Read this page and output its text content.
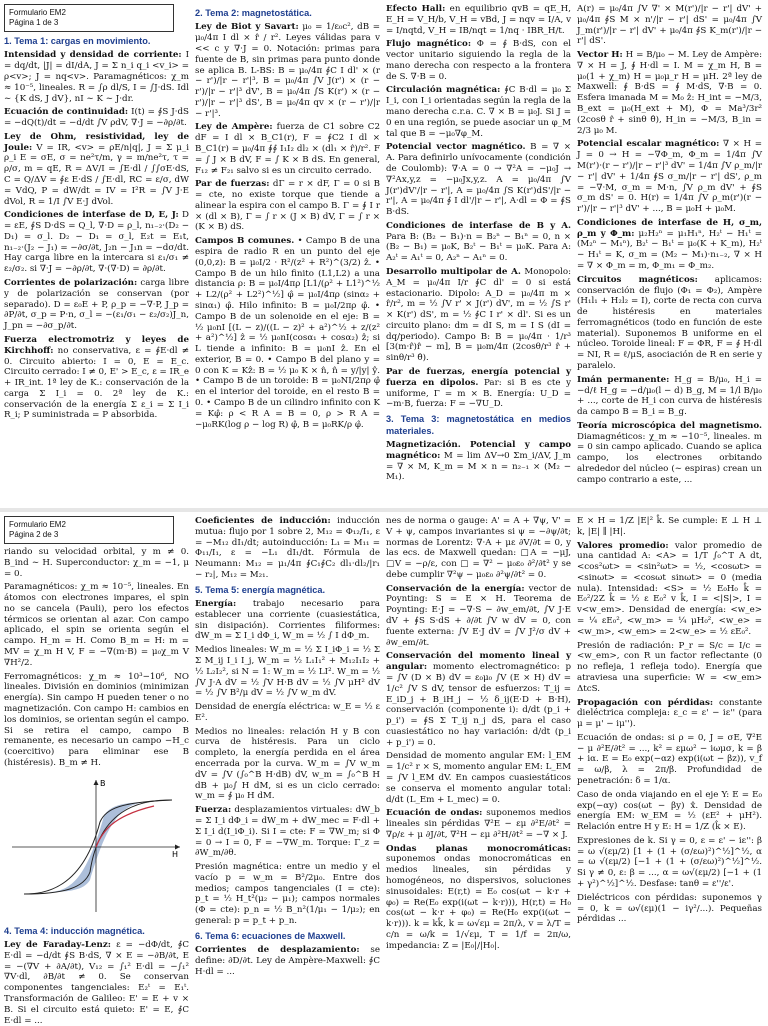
Formulario EM2
Página 1 de 3
1. Tema 1: cargas en movimiento.
Intensidad y densidad de corriente: I = dq/dt, |J| = dI/dA, J = Σ n_i q_i <v_i> = ρ<v>; J = nq<v>. Paramagnéticos: χ_m ≈ 10⁻⁵, lineales. R = ∫ρ dl/S, I = ∫J·dS. Idl ∼ {K dS, J dV}, nI ∼ K ∼ J·dr.
Ecuación de continuidad: I(t) = ∮S J·dS = −dQ(t)/dt = −d/dt ∫V ρdV, ∇·J = −∂ρ/∂t.
Ley de Ohm, resistividad, ley de Joule: V = IR, <v> = ρE/n|q|, J = Σ μ_i ρ_i E = σE, σ = ne²τ/m, γ = m/ne²τ, τ = ρ/σ, m = qE, R = ΔV/I = ∫E·dl / ∫∫σE·dS, C = Q/ΔV = ∮ε E·dS / ∫E·dl, RC = ε/σ, dW = VdQ, P = dW/dt = IV = I²R = ∫V J·E dVol, R = 1/I ∫V E·J dVol.
Condiciones de interfase de D, E, J: D = εE, ∮S D·dS = Q_l, ∇·D = ρ_l, n₁₋₂·(D₂ − D₁) = σ_l. D₂ − D₁ = σ_l, E₂t = E₁t, n₁₋₂·(J₂ − J₁) = −∂σ/∂t, J₂n − J₁n = −dσ/dt. Hay carga libre en la intercara si ε₁/σ₁ ≠ ε₂/σ₂. si ∇·J = −∂ρ/∂t, ∇·(∇·D) = ∂ρ/∂t.
Corrientes de polarización: carga libre y de polarización se conservan (por separado). D = ε₀E + P, ρ_p = −∇·P, J_p = ∂P/∂t, σ_p = P·n, σ_l = −(ε₁/σ₁ − ε₂/σ₂)J_n, J_pn = −∂σ_p/∂t.
Fuerza electromotriz y leyes de Kirchhoff: no conservativa, ε = ∮E·dl ≠ 0. Circuito abierto: I = 0, E = E_c. Circuito cerrado: I ≠ 0, E' > E_c, ε = IR_e + IR_int. 1ª ley de K.: conservación de la carga Σ I_i = 0. 2ª ley de K.: conservación de la energía Σ ε_i = Σ I_i R_i; P suministrada = P absorbida.
2. Tema 2: magnetostática.
Ley de Biot y Savart: μ₀ = 1/ε₀c², dB = μ₀/4π I dl × r̂ / r². Leyes válidas para v << c y ∇·J = 0. Notación: primas para fuente de B, sin primas para punto donde se aplica B. L-BS: B = μ₀/4π ∮C I dl' × (r − r')/|r − r'|³, B = μ₀/4π ∫V J(r') × (r − r')/|r − r'|³ dV', B = μ₀/4π ∫S K(r') × (r − r')/|r − r'|³ dS', B = μ₀/4π qv × (r − r')/|r − r'|³.
Ley de Ampère: fuerza de C1 sobre C2 dF = I dl × B_C1(r), F = ∮C2 I dl × B_C1(r) = μ₀/4π ∮∮ I₁I₂ dl₂ × (dl₁ × r̂)/r². F = ∫ J × B dV, F = ∫ K × B dS. En general, F₁₂ ≠ F₂₁ salvo si es un circuito cerrado.
Par de fuerzas: dΓ = r × dF, Γ = 0 si B = cte, no existe torque que tiende a alinear la espira con el campo B. Γ = ∮ I r × (dl × B), Γ = ∫ r × (J × B) dV, Γ = ∫ r × (K × B) dS.
Campos B comunes. • Campo B de una espira de radio R en un punto del eje (0,0,z): B = μ₀I/2 · R²/(z² + R²)^(3/2) ẑ. • Campo B de un hilo finito (L1,L2) a una distancia ρ: B = μ₀I/4πρ [L1/(ρ² + L1²)^½ + L2/(ρ² + L2²)^½] φ̂ = μ₀I/4πρ (sinα₂ + sinα₁) φ̂. Hilo infinito: B = μ₀I/2πρ φ̂. • Campo B de un solenoide en el eje: B = ½ μ₀nI [(L − z)/((L − z)² + a²)^½ + z/(z² + a²)^½] ẑ = ½ μ₀nI(cosα₁ + cosα₂) ẑ; si L tiende a infinito: B = μ₀nI ẑ. En el exterior, B = 0. • Campo B del plano y = 0 con K = Kẑ: B = ½ μ₀ K × n̂, n̂ = y/|y| ŷ. • Campo B de un toroide: B = μ₀NI/2πρ φ̂ en el interior del toroide, en el resto B = 0. • Campo B de un cilindro infinito con K = Kφ̂: ρ < R A = B = 0, ρ > R A = −μ₀RK(log ρ − log R) φ̂, B = μ₀RK/ρ φ̂.
Efecto Hall: en equilibrio qvB = qE_H, E_H = V_H/b, V_H = vBd, J = nqv = I/A, v = I/nqtd, V_H = IB/nqt = 1/nq · IBR_H/t.
Flujo magnético: Φ = ∮ B·dS, con el vector unitario siguiendo la regla de la mano derecha con respecto a la frontera de S. ∇·B = 0.
Circulación magnética: ∮C B·dl = μ₀ Σ I_i, con I_i orientadas según la regla de la mano derecha c.r.a. C. ∇ × B = μ₀J. Si J = 0 en una región, se puede asociar un φ_M tal que B = −μ₀∇φ_M.
Potencial vector magnético. B = ∇ × A. Para definirlo unívocamente (condición de Coulomb): ∇·A = 0 → ∇²A = −μ₀J → ∇²Ax,y,z = −μ₀Jx,y,z. A = μ₀/4π ∫V J(r')dV'/|r − r'|, A = μ₀/4π ∫S K(r')dS'/|r − r'|, A = μ₀/4π ∮ I dl'/|r − r'|, A·dl = Φ = ∮S B·dS.
Condiciones de interfase de B y A. Para B: (B₂ − B₁)·n = B₂ⁿ − B₁ⁿ = 0, n × (B₂ − B₁) = μ₀K, B₂ᵗ − B₁ᵗ = μ₀K. Para A: A₂ᵗ = A₁ᵗ = 0, A₂ⁿ − A₁ⁿ = 0.
Desarrollo multipolar de A. Monopolo: A_M = μ₀/4π I/r ∮C dl' = 0 si está estacionario. Dipolo: A_D = μ₀/4π m × r̂/r², m = ½ ∫V r' × J(r') dV', m = ½ ∫S r' × K(r') dS', m = ½ ∮C I r' × dl'. Si es un circuito plano: dm = dI S, m = I S (dI = dq/periodo). Campo B: B = μ₀/4π · 1/r³ [3(m·r̂)r̂ − m], B = μ₀m/4π (2cosθ/r³ r̂ + sinθ/r³ θ̂).
Par de fuerzas, energía potencial y fuerza en dipolos. Par: si B es cte y uniforme, Γ = m × B. Energía: U_D = −m·B, fuerza: F = −∇U_D.
3. Tema 3: magnetostática en medios materiales.
Magnetización. Potencial y campo magnético: M = lim ΔV→0 Σm_i/ΔV, J_m = ∇ × M, K_m = M × n = n₂₋₁ × (M₂ − M₁).
A(r) = μ₀/4π ∫V ∇' × M(r')/|r − r'| dV' + μ₀/4π ∮S M × n'/|r − r'| dS' = μ₀/4π ∫V J_m(r')/|r − r'| dV' + μ₀/4π ∮S K_m(r')/|r − r'| dS'.
Vector H: H = B/μ₀ − M. Ley de Ampère: ∇ × H = J, ∮ H·dl = I. M = χ_m H, B = μ₀(1 + χ_m) H = μ₀μ_r H = μH. 2ª ley de Maxwell: ∮ B·dS = ∮ M·dS, ∇·B = 0. Esfera imanada M = M₀ ẑ: H_int = −M/3, B_ext = μ₀(H_ext + M), Φ = Ma³/3r² (2cosθ r̂ + sinθ θ̂), H_in = −M/3, B_in = 2/3 μ₀ M.
Potencial escalar magnético: ∇ × H = J = 0 → H = −∇Φ_m, Φ_m = 1/4π ∫V M(r')·(r − r')/|r − r'|³ dV' = 1/4π ∫V ρ_m/|r − r'| dV' + 1/4π ∮S σ_m/|r − r'| dS', ρ_m = −∇·M, σ_m = M·n, ∫V ρ_m dV' + ∮S σ_m dS' = 0. H(r) = 1/4π ∫V ρ_m(r')(r − r')/|r − r'|³ dV' + ..., B = μ₀H + μ₀M.
Condiciones de interfase de H, σ_m, ρ_m y Φ_m: μ₂H₂ⁿ = μ₁H₁ⁿ, H₂ᵗ − H₁ᵗ = (M₂ⁿ − M₁ⁿ), B₂ᵗ − B₁ᵗ = μ₀(K + K_m), H₂ᵗ − H₁ᵗ = K, σ_m = (M₂ − M₁)·n₁₋₂, ∇ × H = ∇ × Φ_m = m, Φ_m₁ = Φ_m₂.
Circuitos magnéticos: aplicamos: conservación de flujo (Φ₁ = Φ₂), Ampère (H₁l₁ + H₂l₂ = I), corte de recta con curva de histéresis en materiales ferromagnéticos (todo en función de este material). Suponemos B uniforme en el núcleo. Toroide lineal: F = ΦR, F = ∮ H·dl = NI, R = ℓ/μS, asociación de R en serie y paralelo.
Imán permanente: H_g = B/μ₀, H_i = −d/ℓ H_g = −d/μ₀(l − d) B_g, M = 1/l B/μ₀ + ..., corte de H_i con curva de histéresis da campo B = B_i = B_g.
Teoría microscópica del magnetismo. Diamagnéticos: χ_m ≈ −10⁻⁵, lineales. m = 0 sin campo aplicado. Cuando se aplica campo, los electrones orbitando alrededor del núcleo (∼ espiras) crean un campo contrario a este, ...
Formulario EM2
Página 2 de 3
riando su velocidad orbital, y m ≠ 0. B_ind ∼ H. Superconductor: χ_m = −1, μ = 0.
Paramagnéticos: χ_m ≈ 10⁻⁵, lineales. En átomos con electrones impares, el spin no se cancela (Pauli), pero los efectos térmicos se orientan al azar. Con campo aplicado, el spin se orienta según el campo. H_m = H. Como B_m = H: m = MV = χ_m H V, F = −∇(m·B) = μ₀χ_m V ∇H²/2.
Ferromagnéticos: χ_m ≈ 10³−10⁶, NO lineales. División en dominios (minimizan energía). Sin campo H pueden tener o no magnetización. Con campo H: cambios en los dominios, se orientan según el campo. Si se retira el campo, campo B remanente, es necesario un campo −H_c (coercitivo) para eliminar ese B (histéresis). B_m ≠ H.
B
H
4. Tema 4: inducción magnética.
Ley de Faraday-Lenz: ε = −dΦ/dt, ∮C E·dl = −d/dt ∮S B·dS, ∇ × E = −∂B/∂t, E = −(∇V + ∂A/∂t), V₁₂ = ∫₁² E·dl = −∫₁² ∇V·dl, ∂B/∂t ≠ 0. Se conservan componentes tangenciales: E₂ᵗ = E₁ᵗ. Transformación de Galileo: E' = E + v × B. Si el circuito está quieto: E' = E, ∮C E·dl = ...
Coeficientes de inducción: inducción mutua: flujo por 1 sobre 2, M₁₂ = Φ₁₂/I₁, ε = −M₁₂ dI₁/dt; autoinducción: L₁ = M₁₁ = Φ₁₁/I₁, ε = −L₁ dI₁/dt. Fórmula de Neumann: M₁₂ = μ₁/4π ∮C₁∮C₂ dl₁·dl₂/|r₁ − r₂|, M₁₂ = M₂₁.
5. Tema 5: energía magnética.
Energía: trabajo necesario para establecer una corriente (cuasiestática, sin disipación). Corrientes filiformes: dW_m = Σ I_i dΦ_i, W_m = ½ ∫ I dΦ_m.
Medios lineales: W_m = ½ Σ I_iΦ_i = ½ Σ Σ M_ij I_i I_j, W_m = ½ L₁I₁² + M₁₂I₁I₂ + ½ L₂I₂², si N = 1: W_m = ½ LI². W_m = ½ ∫V J·A dV = ½ ∫V H·B dV = ½ ∫V μH² dV = ½ ∫V B²/μ dV = ½ ∫V w_m dV.
Densidad de energía eléctrica: w_E = ½ ε E².
Medios no lineales: relación H y B con curva de histéresis. Para un ciclo completo, la energía perdida en el área encerrada por la curva. W_m = ∫V w_m dV = ∫V (∫₀^B H·dB) dV, w_m = ∫₀^B H dB + μ₀∫ H dM, si es un ciclo cerrado: w_m = ∮ μ₀ H dM.
Fuerza: desplazamientos virtuales: dW_b = Σ I_i dΦ_i = dW_m + dW_mec = F·dl + Σ I_i d(I_iΦ_i). Si I = cte: F = ∇W_m; si Φ = 0 → I = 0, F = −∇W_m. Torque: Γ_z = ∂W_m/∂θ.
Presión magnética: entre un medio y el vacío p = w_m = B²/2μ₀. Entre dos medios; campos tangenciales (I = cte): p_t = ½ H_t²(μ₂ − μ₁); campos normales (Φ = cte): p_n = ½ B_n²(1/μ₁ − 1/μ₂); en general: p = p_t + p_n.
6. Tema 6: ecuaciones de Maxwell.
Corrientes de desplazamiento: se define: ∂D/∂t. Ley de Ampère-Maxwell: ∮C H·dl = ...
nes de norma o gauge: A' = A + ∇ψ, V' = V + ψ, campos invariantes si ψ = −∂ψ/∂t; normas de Lorentz: ∇·A + με ∂V/∂t = 0, y las ecs. de Maxwell quedan: □A = −μJ, □V = −ρ/ε, con □ = ∇² − μ₀ε₀ ∂²/∂t² y se debe cumplir ∇²ψ − μ₀ε₀ ∂²ψ/∂t² = 0.
Conservación de la energía: vector de Poynting: S = E × H. Teorema de Poynting: E·J = −∇·S − ∂w_em/∂t, ∫V J·E dV + ∮S S·dS + ∂/∂t ∫V w dV = 0, con fuente externa: ∫V E·J dV = ∫V J²/σ dV + ∂w_em/∂t.
Conservación del momento lineal y angular: momento electromagnético: p = ∫V (D × B) dV = ε₀μ₀ ∫V (E × H) dV = 1/c² ∫V S dV, tensor de esfuerzos: T_ij = E_iD_j + B_iH_j − ½ δ_ij(E·D + B·H), conservación (componente i): d/dt (p_i + p_i') = ∮S Σ T_ij n_j dS, para el caso cuasiestático no hay variación: d/dt (p_i + p_i') = 0.
Densidad de momento angular EM: l_EM = 1/c² r × S, momento angular EM: L_EM = ∫V l_EM dV. En campos cuasiestáticos se conserva el momento angular total: d/dt (L_Em + L_mec) = 0.
Ecuación de ondas: suponemos medios lineales sin pérdidas ∇²E − εμ ∂²E/∂t² = ∇ρ/ε + μ ∂J/∂t, ∇²H − εμ ∂²H/∂t² = −∇ × J.
Ondas planas monocromáticas: suponemos ondas monocromáticas en medios lineales, sin pérdidas y homogéneos, no dispersivos, soluciones sinusoidales: E(r,t) = E₀ cos(ωt − k·r + φ₀) = Re(E₀ exp(i(ωt − k·r))), H(r,t) = H₀ cos(ωt − k·r + φ₀) = Re(H₀ exp(i(ωt − k·r))). k = kk̂, k = ω√εμ = 2π/λ, v = λ/T = c/n = ω/k = 1/√εμ, T = 1/f = 2π/ω, impedancia: Z = |E₀|/|H₀|.
E × H = 1/Z |E|² k̂. Se cumple: E ⊥ H ⊥ k, |E| ∥ |H|.
Valores promedio: valor promedio de una cantidad A: <A> = 1/T ∫₀^T A dt, <cos²ωt> = <sin²ωt> = ½, <cosωt> = <sinωt> = <cosωt sinωt> = 0 (media nula). Intensidad: <S> = ½ E₀H₀ k̂ = E₀²/2Z k̂ = ½ ε E₀² v k̂, I = <|S|>, I = v<w_em>. Densidad de energía: <w_e> = ¼ εE₀², <w_m> = ¼ μH₀², <w_e> = <w_m>, <w_em> = 2<w_e> = ½ εE₀².
Presión de radiación: P_r = S/c = I/c = <w_em>, con R un factor reflectante (0 no refleja, 1 refleja todo). Energía que atraviesa una superficie: W = <w_em> ΔtcS.
Propagación con pérdidas: constante dieléctrica compleja: ε_c = ε' − iε'' (para μ = μ' − iμ'').
Ecuación de ondas: si ρ = 0, J = σE, ∇²E − μ ∂²E/∂t² = ..., k² = εμω² − iωμσ, k = β + iα. E = E₀ exp(−αz) exp(i(ωt − βz)), v_f = ω/β, λ = 2π/β. Profundidad de penetración: δ = 1/α.
Caso de onda viajando en el eje Y: E = E₀ exp(−αy) cos(ωt − βy) x̂. Densidad de energía EM: w_EM = ½ (εE² + μH²). Relación entre H y E: H = 1/Z (k̂ × E).
Expresiones de k. Si γ = 0, ε = ε' − iε'': β = ω √(εμ/2) [1 + (1 + (σ/εω)²)^½]^½, α = ω √(εμ/2) [−1 + (1 + (σ/εω)²)^½]^½. Si γ ≠ 0, ε: β = ..., α = ω√(εμ/2) [−1 + (1 + γ²)^½]^½. Desfase: tanθ = ε''/ε'.
Dieléctricos con pérdidas: suponemos γ = 0, k = ω√(εμ)(1 − iγ²/...). Pequeñas pérdidas ...
